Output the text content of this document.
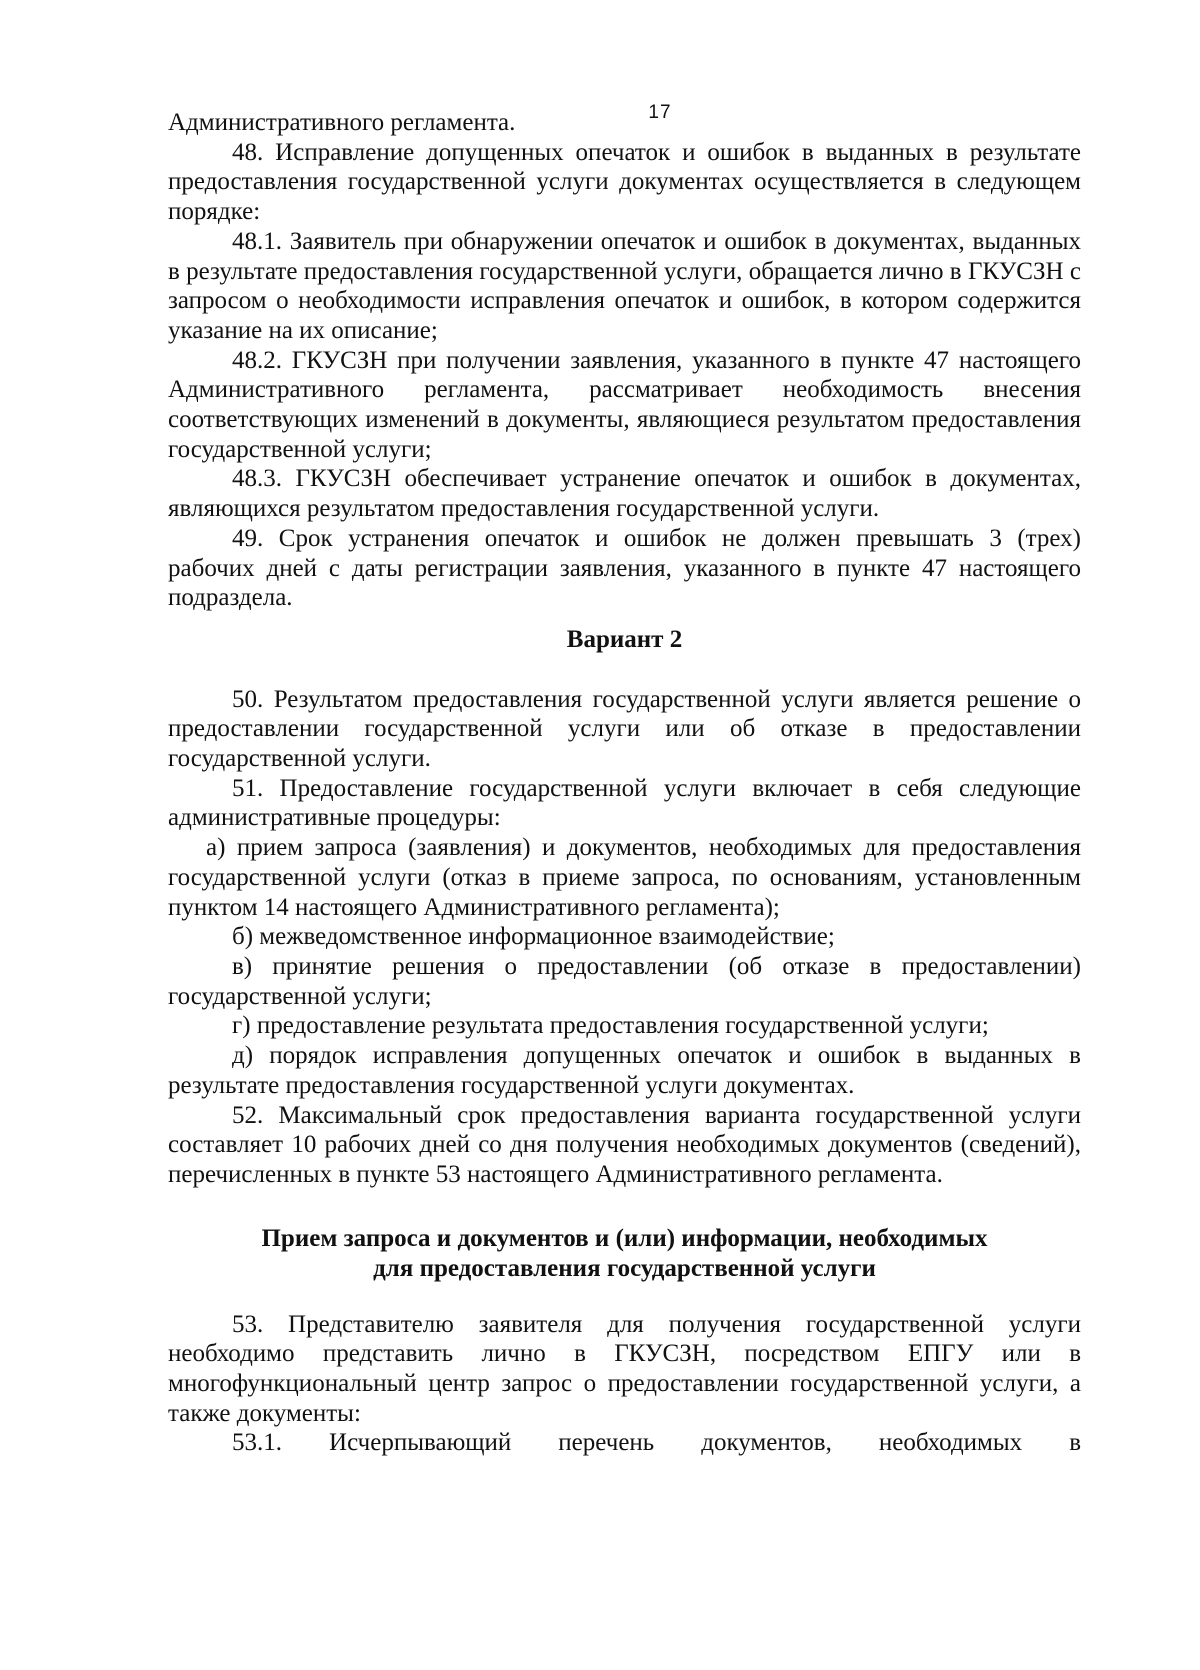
17

Административного регламента.

48. Исправление допущенных опечаток и ошибок в выданных в результате предоставления государственной услуги документах осуществляется в следующем порядке:

48.1. Заявитель при обнаружении опечаток и ошибок в документах, выданных в результате предоставления государственной услуги, обращается лично в ГКУСЗН с запросом о необходимости исправления опечаток и ошибок, в котором содержится указание на их описание;

48.2. ГКУСЗН при получении заявления, указанного в пункте 47 настоящего Административного регламента, рассматривает необходимость внесения соответствующих изменений в документы, являющиеся результатом предоставления государственной услуги;

48.3. ГКУСЗН обеспечивает устранение опечаток и ошибок в документах, являющихся результатом предоставления государственной услуги.

49. Срок устранения опечаток и ошибок не должен превышать 3 (трех) рабочих дней с даты регистрации заявления, указанного в пункте 47 настоящего подраздела.

Вариант 2

50. Результатом предоставления государственной услуги является решение о предоставлении государственной услуги или об отказе в предоставлении государственной услуги.

51. Предоставление государственной услуги включает в себя следующие административные процедуры:

а) прием запроса (заявления) и документов, необходимых для предоставления государственной услуги (отказ в приеме запроса, по основаниям, установленным пунктом 14 настоящего Административного регламента);

б) межведомственное информационное взаимодействие;

в) принятие решения о предоставлении (об отказе в предоставлении) государственной услуги;

г) предоставление результата предоставления государственной услуги;

д) порядок исправления допущенных опечаток и ошибок в выданных в результате предоставления государственной услуги документах.

52. Максимальный срок предоставления варианта государственной услуги составляет 10 рабочих дней со дня получения необходимых документов (сведений), перечисленных в пункте 53 настоящего Административного регламента.

Прием запроса и документов и (или) информации, необходимых
для предоставления государственной услуги

53. Представителю заявителя для получения государственной услуги необходимо представить лично в ГКУСЗН, посредством ЕПГУ или в многофункциональный центр запрос о предоставлении государственной услуги, а также документы:

53.1. Исчерпывающий перечень документов, необходимых в
